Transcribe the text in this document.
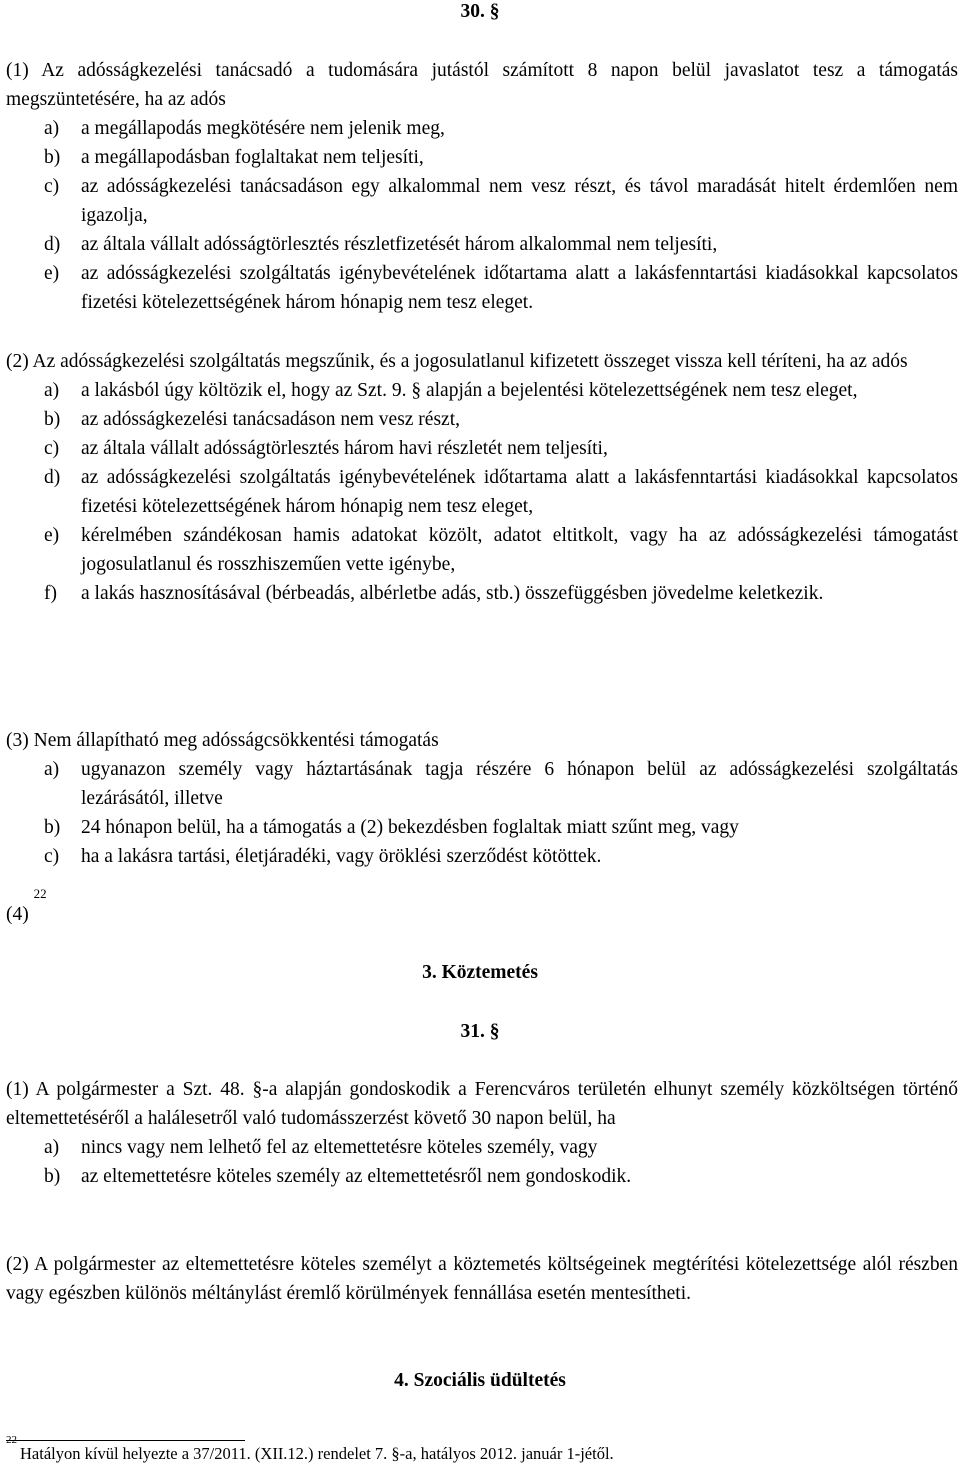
30. §
(1) Az adósságkezelési tanácsadó a tudomására jutástól számított 8 napon belül javaslatot tesz a támogatás megszüntetésére, ha az adós
a)	a megállapodás megkötésére nem jelenik meg,
b)	a megállapodásban foglaltakat nem teljesíti,
c)	az adósságkezelési tanácsadáson egy alkalommal nem vesz részt, és távol maradását hitelt érdemlően nem igazolja,
d)	az általa vállalt adósságtörlesztés részletfizetését három alkalommal nem teljesíti,
e)	az adósságkezelési szolgáltatás igénybevételének időtartama alatt a lakásfenntartási kiadásokkal kapcsolatos fizetési kötelezettségének három hónapig nem tesz eleget.
(2) Az adósságkezelési szolgáltatás megszűnik, és a jogosulatlanul kifizetett összeget vissza kell téríteni, ha az adós
a)	a lakásból úgy költözik el, hogy az Szt. 9. § alapján a bejelentési kötelezettségének nem tesz eleget,
b)	az adósságkezelési tanácsadáson nem vesz részt,
c)	az általa vállalt adósságtörlesztés három havi részletét nem teljesíti,
d)	az adósságkezelési szolgáltatás igénybevételének időtartama alatt a lakásfenntartási kiadásokkal kapcsolatos fizetési kötelezettségének három hónapig nem tesz eleget,
e)	kérelmében szándékosan hamis adatokat közölt, adatot eltitkolt, vagy ha az adósságkezelési támogatást jogosulatlanul és rosszhiszeműen vette igénybe,
f)	a lakás hasznosításával (bérbeadás, albérletbe adás, stb.) összefüggésben jövedelme keletkezik.
(3) Nem állapítható meg adósságcsökkentési támogatás
a)	ugyanazon személy vagy háztartásának tagja részére 6 hónapon belül az adósságkezelési szolgáltatás lezárásától, illetve
b)	24 hónapon belül, ha a támogatás a (2) bekezdésben foglaltak miatt szűnt meg, vagy
c)	ha a lakásra tartási, életjáradéki, vagy öröklési szerződést kötöttek.
(4) $^{22}$
3. Köztemetés
31. §
(1) A polgármester a Szt. 48. §-a alapján gondoskodik a Ferencváros területén elhunyt személy közköltségen történő eltemettetéséről a halálesetről való tudomásszerzést követő 30 napon belül, ha
a)	nincs vagy nem lelhető fel az eltemettetésre köteles személy, vagy
b)	az eltemettetésre köteles személy az eltemettetésről nem gondoskodik.
(2) A polgármester az eltemettetésre köteles személyt a köztemetés költségeinek megtérítési kötelezettsége alól részben vagy egészben különös méltánylást éremlő körülmények fennállása esetén mentesítheti.
4. Szociális üdültetés
$^{22}$Hatályon kívül helyezte a 37/2011. (XII.12.) rendelet 7. §-a, hatályos 2012. január 1-jétől.
